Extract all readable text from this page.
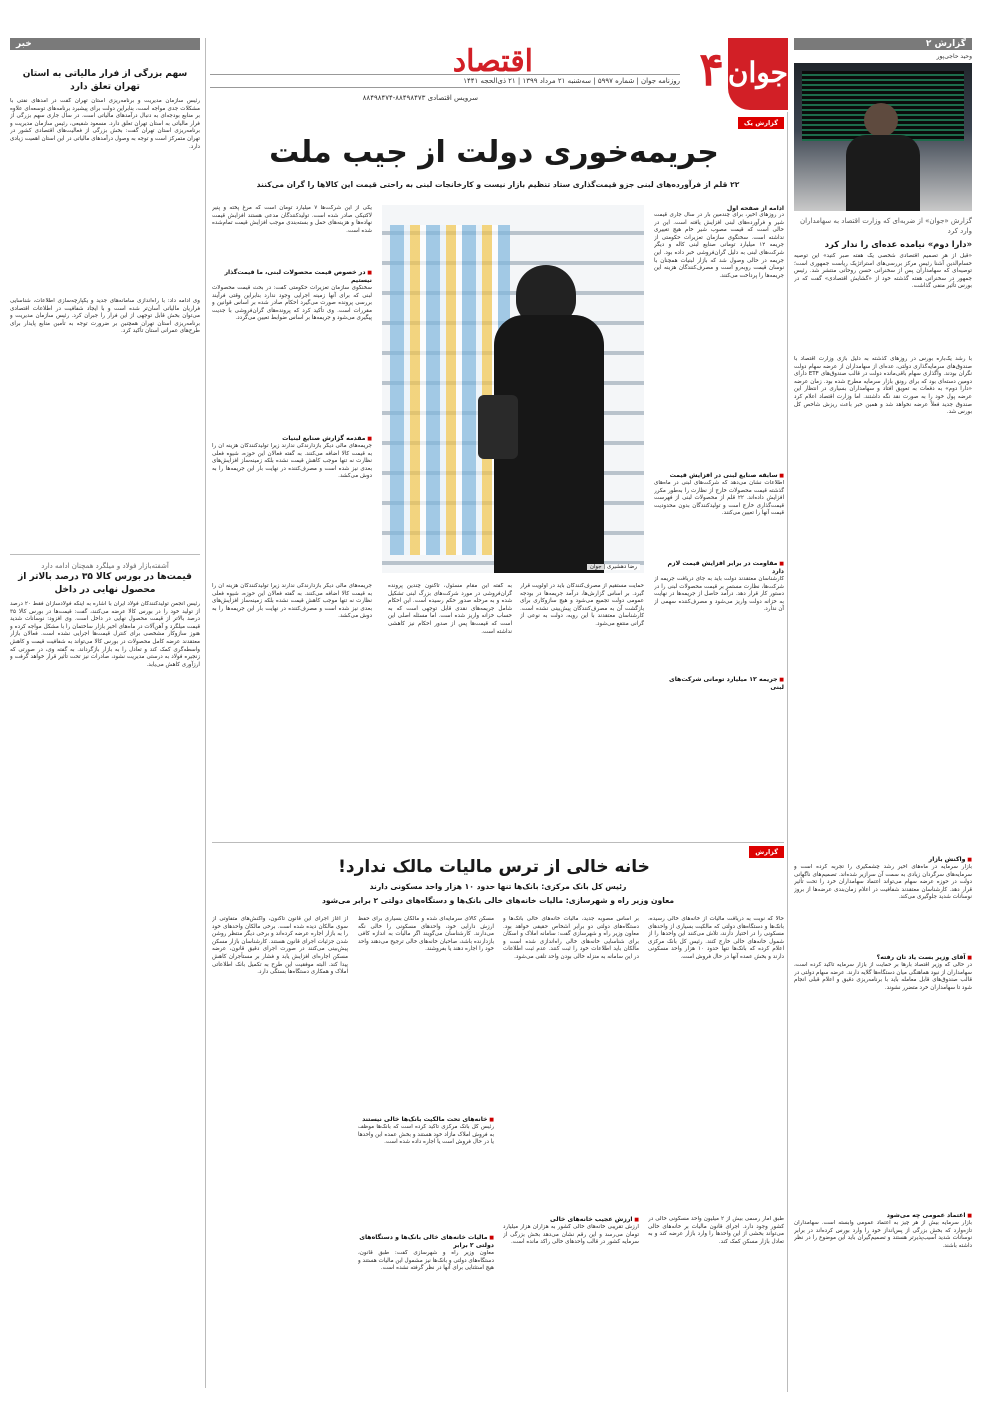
جوان
۴
اقتصاد
روزنامه جوان | شماره ۵۹۹۷ | سه‌شنبه ۲۱ مرداد ۱۳۹۹ | ۲۱ ذی‌الحجه ۱۴۴۱
سرویس اقتصادی ۸۸۴۹۸۴۷۳-۸۸۴۹۸۴۷۴
گزارش ۲
وحید حاجی‌پور
گزارش «جوان» از ضربه‌ای که وزارت اقتصاد به سهامداران وارد کرد
«دارا دوم» نیامده عده‌ای را ندار کرد
«قبل از هر تصمیم اقتصادی شخصی یک هفته صبر کنید» این توصیه حسام‌الدین آشنا رئیس مرکز بررسی‌های استراتژیک ریاست جمهوری است؛ توصیه‌ای که سهامداران پس از سخنرانی حسن روحانی منتشر شد. رئیس جمهور در سخنرانی هفته گذشته خود از «گشایش اقتصادی» گفت که در بورس تأثیر منفی گذاشت.
با رشد یک‌باره بورس در روزهای گذشته به دلیل بازی وزارت اقتصاد با صندوق‌های سرمایه‌گذاری دولتی، عده‌ای از سهامداران از عرضه سهام دولت نگران بودند. واگذاری سهام باقی‌مانده دولت در قالب صندوق‌های ETF دارای دومین دسته‌ای بود که برای رونق بازار سرمایه مطرح شده بود. زمان عرضه «دارا دوم» به دفعات به تعویق افتاد و سهامداران بسیاری در انتظار این عرضه پول خود را به صورت نقد نگه داشتند. اما وزارت اقتصاد اعلام کرد صندوق جدید فعلاً عرضه نخواهد شد و همین خبر باعث ریزش شاخص کل بورس شد.
■ واکنش بازار
بازار سرمایه در ماه‌های اخیر رشد چشمگیری را تجربه کرده است و سرمایه‌های سرگردان زیادی به سمت آن سرازیر شده‌اند. تصمیم‌های ناگهانی دولت در حوزه عرضه سهام می‌تواند اعتماد سهامداران خرد را تحت تأثیر قرار دهد. کارشناسان معتقدند شفافیت در اعلام زمان‌بندی عرضه‌ها از بروز نوسانات شدید جلوگیری می‌کند.
■ آقای وزیر بست یاد تان رفته؟
در حالی که وزیر اقتصاد بارها بر حمایت از بازار سرمایه تأکید کرده است، سهامداران از نبود هماهنگی میان دستگاه‌ها گلایه دارند. عرضه سهام دولتی در قالب صندوق‌های قابل معامله باید با برنامه‌ریزی دقیق و اعلام قبلی انجام شود تا سهامداران خرد متضرر نشوند.
■ اعتماد عمومی چه می‌شود
بازار سرمایه بیش از هر چیز به اعتماد عمومی وابسته است. سهامداران تازه‌وارد که بخش بزرگی از پس‌انداز خود را وارد بورس کرده‌اند در برابر نوسانات شدید آسیب‌پذیرتر هستند و تصمیم‌گیران باید این موضوع را در نظر داشته باشند.
خبر
سهم بزرگی از فرار مالیاتی به استان تهران تعلق دارد
رئیس سازمان مدیریت و برنامه‌ریزی استان تهران گفت در آمدهای نفتی با مشکلات جدی مواجه است، بنابراین دولت برای پیشبرد برنامه‌های توسعه‌ای علاوه بر منابع بودجه‌ای به دنبال درآمدهای مالیاتی است. در سال جاری سهم بزرگی از فرار مالیاتی به استان تهران تعلق دارد. مسعود شفیعی، رئیس سازمان مدیریت و برنامه‌ریزی استان تهران گفت: بخش بزرگی از فعالیت‌های اقتصادی کشور در تهران متمرکز است و توجه به وصول درآمدهای مالیاتی در این استان اهمیت زیادی دارد.
وی ادامه داد: با راه‌اندازی سامانه‌های جدید و یکپارچه‌سازی اطلاعات، شناسایی فراریان مالیاتی آسان‌تر شده است و با ایجاد شفافیت در اطلاعات اقتصادی می‌توان بخش قابل توجهی از این فرار را جبران کرد. رئیس سازمان مدیریت و برنامه‌ریزی استان تهران همچنین بر ضرورت توجه به تأمین منابع پایدار برای طرح‌های عمرانی استان تأکید کرد.
آشفته‌بازار فولاد و میلگرد همچنان ادامه دارد
قیمت‌ها در بورس کالا ۳۵ درصد بالاتر از محصول نهایی در داخل
رئیس انجمن تولیدکنندگان فولاد ایران با اشاره به اینکه فولادسازان فقط ۲۰ درصد از تولید خود را در بورس کالا عرضه می‌کنند، گفت: قیمت‌ها در بورس کالا ۳۵ درصد بالاتر از قیمت محصول نهایی در داخل است. وی افزود: نوسانات شدید قیمت میلگرد و آهن‌آلات در ماه‌های اخیر بازار ساختمان را با مشکل مواجه کرده و هنوز سازوکار مشخصی برای کنترل قیمت‌ها اجرایی نشده است. فعالان بازار معتقدند عرضه کامل محصولات در بورس کالا می‌تواند به شفافیت قیمت و کاهش واسطه‌گری کمک کند و تعادل را به بازار بازگرداند. به گفته وی، در صورتی که زنجیره فولاد به درستی مدیریت نشود، صادرات نیز تحت تأثیر قرار خواهد گرفت و ارزآوری کاهش می‌یابد.
گزارش یک
جریمه‌خوری دولت از جیب ملت
۲۲ قلم از فرآورده‌های لبنی جزو قیمت‌گذاری ستاد تنظیم بازار نیست و کارخانجات لبنی به راحتی قیمت این کالاها را گران می‌کنند
ادامه از صفحه اول
در روزهای اخیر، برای چندمین بار در سال جاری قیمت شیر و فرآورده‌های لبنی افزایش یافته است. این در حالی است که قیمت مصوب شیر خام هیچ تغییری نداشته است. سخنگوی سازمان تعزیرات حکومتی از جریمه ۱۲ میلیارد تومانی صنایع لبنی کاله و دیگر شرکت‌های لبنی به دلیل گران‌فروشی خبر داده بود. این جریمه در حالی وصول شد که بازار لبنیات همچنان با نوسان قیمت روبه‌رو است و مصرف‌کنندگان هزینه این جریمه‌ها را پرداخت می‌کنند.
■ سابقه صنایع لبنی در افزایش قیمت
اطلاعات نشان می‌دهد که شرکت‌های لبنی در ماه‌های گذشته قیمت محصولات خارج از نظارت را به‌طور مکرر افزایش داده‌اند. ۲۲ قلم از محصولات لبنی از فهرست قیمت‌گذاری خارج است و تولیدکنندگان بدون محدودیت قیمت آنها را تعیین می‌کنند.
■ مقاومت در برابر افزایش قیمت لازم دارد
کارشناسان معتقدند دولت باید به جای دریافت جریمه از شرکت‌ها، نظارت مستمر بر قیمت محصولات لبنی را در دستور کار قرار دهد. درآمد حاصل از جریمه‌ها در نهایت به خزانه دولت واریز می‌شود و مصرف‌کننده سهمی از آن ندارد.
■ جریمه ۱۲ میلیارد تومانی شرکت‌های لبنی
رضا دهشیری | جوان
یکی از این شرکت‌ها ۷ میلیارد تومان است که مرغ پخته و پنیر لاکتیکی صادر شده است. تولیدکنندگان مدعی هستند افزایش قیمت نهاده‌ها و هزینه‌های حمل و بسته‌بندی موجب افزایش قیمت تمام‌شده شده است.
■ در خصوص قیمت محصولات لبنی، ما قیمت‌گذار نیستیم
سخنگوی سازمان تعزیرات حکومتی گفت: در بحث قیمت محصولات لبنی که برای آنها زمینه اجرایی وجود ندارد بنابراین وقتی فرآیند بررسی پرونده صورت می‌گیرد احکام صادر شده بر اساس قوانین و مقررات است. وی تأکید کرد که پرونده‌های گران‌فروشی با جدیت پیگیری می‌شود و جریمه‌ها بر اساس ضوابط تعیین می‌گردد.
■ مقدمه گزارش صنایع لبنیات
جریمه‌های مالی دیگر بازدارندگی ندارند زیرا تولیدکنندگان هزینه آن را به قیمت کالا اضافه می‌کنند. به گفته فعالان این حوزه، شیوه فعلی نظارت نه تنها موجب کاهش قیمت نشده بلکه زمینه‌ساز افزایش‌های بعدی نیز شده است و مصرف‌کننده در نهایت بار این جریمه‌ها را به دوش می‌کشد.
حمایت مستقیم از مصرف‌کنندگان باید در اولویت قرار گیرد. بر اساس گزارش‌ها، درآمد جریمه‌ها در بودجه عمومی دولت تجمیع می‌شود و هیچ سازوکاری برای بازگشت آن به مصرف‌کنندگان پیش‌بینی نشده است. کارشناسان معتقدند با این رویه، دولت به نوعی از گرانی منتفع می‌شود.
به گفته این مقام مسئول، تاکنون چندین پرونده گران‌فروشی در مورد شرکت‌های بزرگ لبنی تشکیل شده و به مرحله صدور حکم رسیده است. این احکام شامل جریمه‌های نقدی قابل توجهی است که به حساب خزانه واریز شده است. اما مسئله اصلی این است که قیمت‌ها پس از صدور احکام نیز کاهشی نداشته است.
جریمه‌های مالی دیگر بازدارندگی ندارند زیرا تولیدکنندگان هزینه آن را به قیمت کالا اضافه می‌کنند. به گفته فعالان این حوزه، شیوه فعلی نظارت نه تنها موجب کاهش قیمت نشده بلکه زمینه‌ساز افزایش‌های بعدی نیز شده است و مصرف‌کننده در نهایت بار این جریمه‌ها را به دوش می‌کشد.
گزارش
خانه خالی از ترس مالیات مالک ندارد!
رئیس کل بانک مرکزی: بانک‌ها تنها حدود ۱۰ هزار واحد مسکونی دارند
معاون وزیر راه و شهرسازی: مالیات خانه‌های خالی بانک‌ها و دستگاه‌های دولتی ۲ برابر می‌شود
حالا که نوبت به دریافت مالیات از خانه‌های خالی رسیده، بانک‌ها و دستگاه‌های دولتی که مالکیت بسیاری از واحدهای مسکونی را در اختیار دارند، تلاش می‌کنند این واحدها را از شمول خانه‌های خالی خارج کنند. رئیس کل بانک مرکزی اعلام کرده که بانک‌ها تنها حدود ۱۰ هزار واحد مسکونی دارند و بخش عمده آنها در حال فروش است.
طبق آمار رسمی بیش از ۲ میلیون واحد مسکونی خالی در کشور وجود دارد. اجرای قانون مالیات بر خانه‌های خالی می‌تواند بخشی از این واحدها را وارد بازار عرضه کند و به تعادل بازار مسکن کمک کند.
بر اساس مصوبه جدید، مالیات خانه‌های خالی بانک‌ها و دستگاه‌های دولتی دو برابر اشخاص حقیقی خواهد بود. معاون وزیر راه و شهرسازی گفت: سامانه املاک و اسکان برای شناسایی خانه‌های خالی راه‌اندازی شده است و مالکان باید اطلاعات خود را ثبت کنند. عدم ثبت اطلاعات در این سامانه به منزله خالی بودن واحد تلقی می‌شود.
■ ارزش عجیب خانه‌های خالی
ارزش تقریبی خانه‌های خالی کشور به هزاران هزار میلیارد تومان می‌رسد و این رقم نشان می‌دهد بخش بزرگی از سرمایه کشور در قالب واحدهای خالی راکد مانده است.
مسکن کالای سرمایه‌ای شده و مالکان بسیاری برای حفظ ارزش دارایی خود، واحدهای مسکونی را خالی نگه می‌دارند. کارشناسان می‌گویند اگر مالیات به اندازه کافی بازدارنده باشد، صاحبان خانه‌های خالی ترجیح می‌دهند واحد خود را اجاره دهند یا بفروشند.
■ خانه‌های تحت مالکیت بانک‌ها خالی نیستند
رئیس کل بانک مرکزی تأکید کرده است که بانک‌ها موظف به فروش املاک مازاد خود هستند و بخش عمده این واحدها یا در حال فروش است یا اجاره داده شده است.
■ مالیات خانه‌های خالی بانک‌ها و دستگاه‌های دولتی ۲ برابر
معاون وزیر راه و شهرسازی گفت: طبق قانون، دستگاه‌های دولتی و بانک‌ها نیز مشمول این مالیات هستند و هیچ استثنایی برای آنها در نظر گرفته نشده است.
از آغاز اجرای این قانون تاکنون، واکنش‌های متفاوتی از سوی مالکان دیده شده است. برخی مالکان واحدهای خود را به بازار اجاره عرضه کرده‌اند و برخی دیگر منتظر روشن شدن جزئیات اجرای قانون هستند. کارشناسان بازار مسکن پیش‌بینی می‌کنند در صورت اجرای دقیق قانون، عرضه مسکن اجاره‌ای افزایش یابد و فشار بر مستأجران کاهش پیدا کند. البته موفقیت این طرح به تکمیل بانک اطلاعاتی املاک و همکاری دستگاه‌ها بستگی دارد.
